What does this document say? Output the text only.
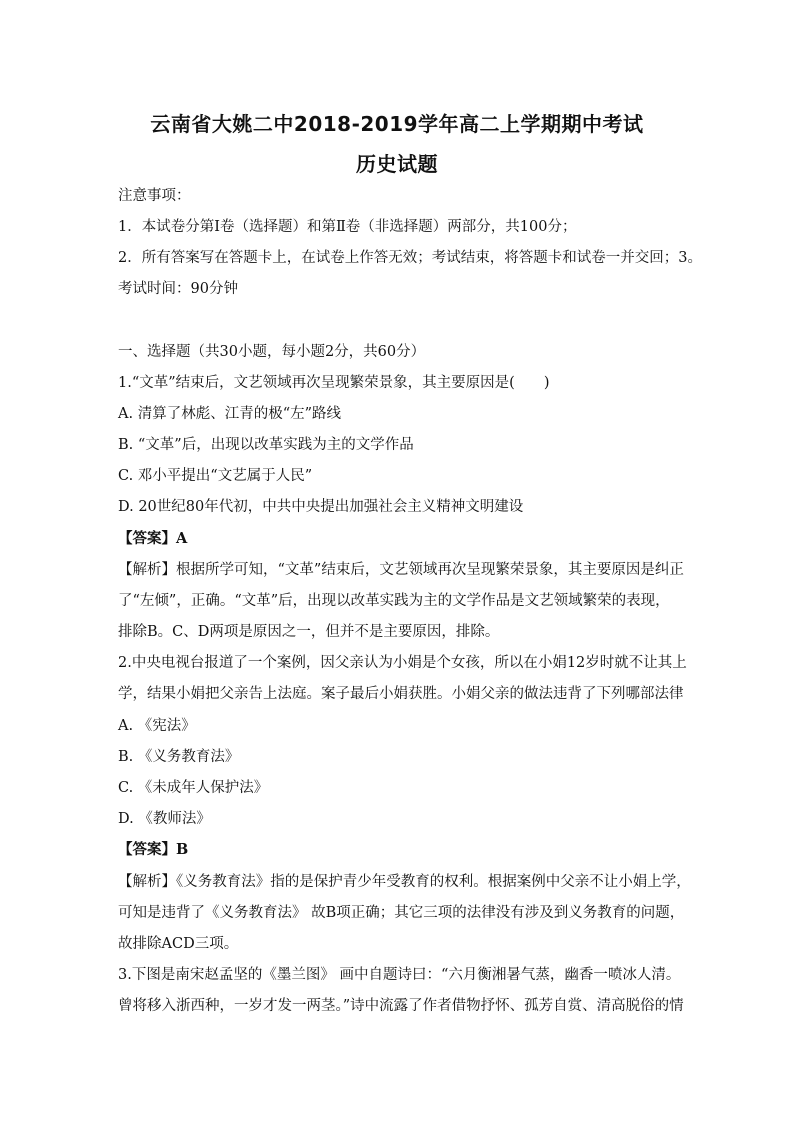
云南省大姚二中2018-2019学年高二上学期期中考试
历史试题
注意事项：
1．本试卷分第Ⅰ卷（选择题）和第Ⅱ卷（非选择题）两部分，共100分；
2．所有答案写在答题卡上，在试卷上作答无效；考试结束，将答题卡和试卷一并交回；3。
考试时间：90分钟
一、选择题（共30小题，每小题2分，共60分）
1.“文革”结束后，文艺领域再次呈现繁荣景象，其主要原因是(　　)
A. 清算了林彪、江青的极“左”路线
B. “文革”后，出现以改革实践为主的文学作品
C. 邓小平提出“文艺属于人民”
D. 20世纪80年代初，中共中央提出加强社会主义精神文明建设
【答案】A
【解析】根据所学可知，“文革”结束后，文艺领域再次呈现繁荣景象，其主要原因是纠正
了“左倾”，正确。“文革”后，出现以改革实践为主的文学作品是文艺领域繁荣的表现，
排除B。C、D两项是原因之一，但并不是主要原因，排除。
2.中央电视台报道了一个案例，因父亲认为小娟是个女孩，所以在小娟12岁时就不让其上
学，结果小娟把父亲告上法庭。案子最后小娟获胜。小娟父亲的做法违背了下列哪部法律
A. 《宪法》
B. 《义务教育法》
C. 《未成年人保护法》
D. 《教师法》
【答案】B
【解析】《义务教育法》指的是保护青少年受教育的权利。根据案例中父亲不让小娟上学，
可知是违背了《义务教育法》 故B项正确；其它三项的法律没有涉及到义务教育的问题，
故排除ACD三项。
3.下图是南宋赵孟坚的《墨兰图》 画中自题诗曰：“六月衡湘暑气蒸，幽香一喷冰人清。
曾将移入浙西种，一岁才发一两茎。”诗中流露了作者借物抒怀、孤芳自赏、清高脱俗的情
